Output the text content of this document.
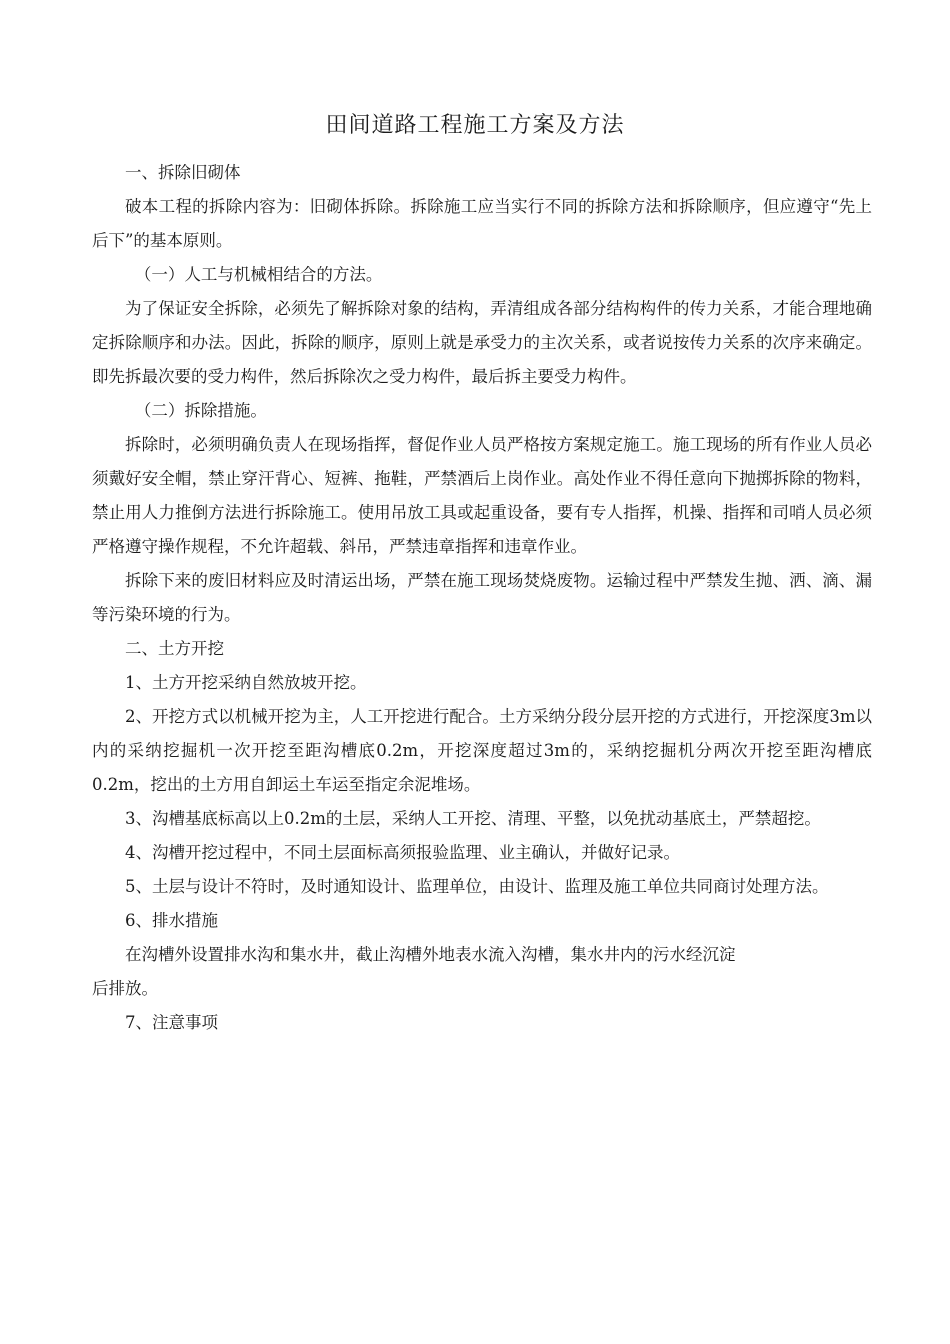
田间道路工程施工方案及方法

一、拆除旧砌体

破本工程的拆除内容为：旧砌体拆除。拆除施工应当实行不同的拆除方法和拆除顺序，但应遵守“先上后下”的基本原则。

（一）人工与机械相结合的方法。

为了保证安全拆除，必须先了解拆除对象的结构，弄清组成各部分结构构件的传力关系，才能合理地确定拆除顺序和办法。因此，拆除的顺序，原则上就是承受力的主次关系，或者说按传力关系的次序来确定。即先拆最次要的受力构件，然后拆除次之受力构件，最后拆主要受力构件。

（二）拆除措施。

拆除时，必须明确负责人在现场指挥，督促作业人员严格按方案规定施工。施工现场的所有作业人员必须戴好安全帽，禁止穿汗背心、短裤、拖鞋，严禁酒后上岗作业。高处作业不得任意向下抛掷拆除的物料，禁止用人力推倒方法进行拆除施工。使用吊放工具或起重设备，要有专人指挥，机操、指挥和司哨人员必须严格遵守操作规程，不允许超载、斜吊，严禁违章指挥和违章作业。

拆除下来的废旧材料应及时清运出场，严禁在施工现场焚烧废物。运输过程中严禁发生抛、洒、滴、漏等污染环境的行为。

二、土方开挖

1、土方开挖采纳自然放坡开挖。

2、开挖方式以机械开挖为主，人工开挖进行配合。土方采纳分段分层开挖的方式进行，开挖深度3m以内的采纳挖掘机一次开挖至距沟槽底0.2m，开挖深度超过3m的，采纳挖掘机分两次开挖至距沟槽底0.2m，挖出的土方用自卸运土车运至指定余泥堆场。

3、沟槽基底标高以上0.2m的土层，采纳人工开挖、清理、平整，以免扰动基底土，严禁超挖。

4、沟槽开挖过程中，不同土层面标高须报验监理、业主确认，并做好记录。

5、土层与设计不符时，及时通知设计、监理单位，由设计、监理及施工单位共同商讨处理方法。

6、排水措施

在沟槽外设置排水沟和集水井，截止沟槽外地表水流入沟槽，集水井内的污水经沉淀

后排放。

7、注意事项
